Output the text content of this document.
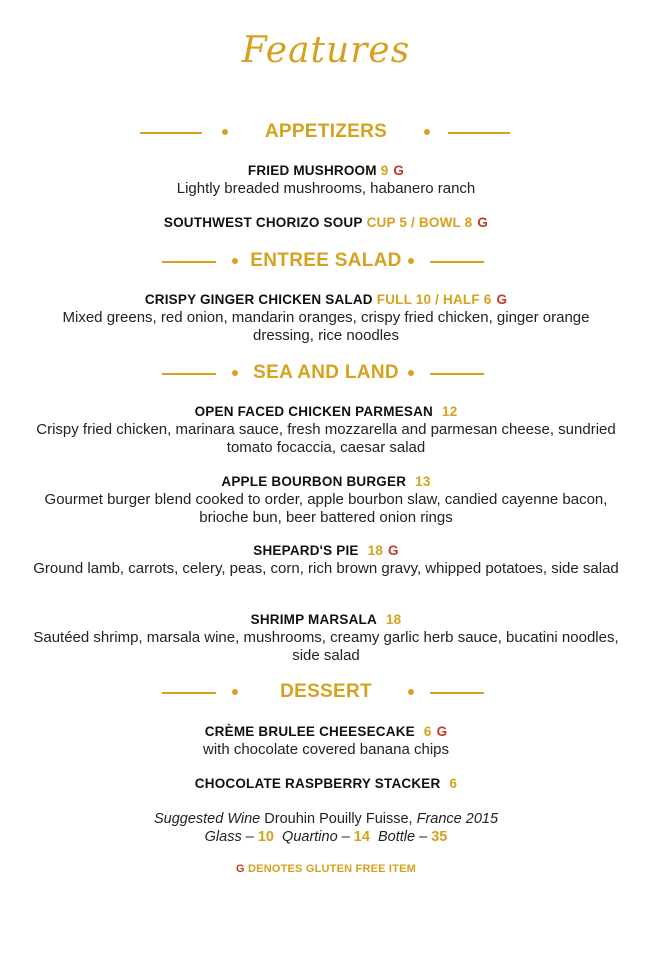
Features
APPETIZERS
FRIED MUSHROOM 9 G
Lightly breaded mushrooms, habanero ranch
SOUTHWEST CHORIZO SOUP CUP 5 / BOWL 8 G
ENTREE SALAD
CRISPY GINGER CHICKEN SALAD FULL 10 / HALF 6 G
Mixed greens, red onion, mandarin oranges, crispy fried chicken, ginger orange dressing, rice noodles
SEA AND LAND
OPEN FACED CHICKEN PARMESAN 12
Crispy fried chicken, marinara sauce, fresh mozzarella and parmesan cheese, sundried tomato focaccia, caesar salad
APPLE BOURBON BURGER 13
Gourmet burger blend cooked to order, apple bourbon slaw, candied cayenne bacon, brioche bun, beer battered onion rings
SHEPARD'S PIE 18 G
Ground lamb, carrots, celery, peas, corn, rich brown gravy, whipped potatoes, side salad
SHRIMP MARSALA 18
Sautéed shrimp, marsala wine, mushrooms, creamy garlic herb sauce, bucatini noodles, side salad
DESSERT
CRÈME BRULEE CHEESECAKE 6 G
with chocolate covered banana chips
CHOCOLATE RASPBERRY STACKER 6
Suggested Wine Drouhin Pouilly Fuisse, France 2015
Glass – 10 Quartino – 14 Bottle – 35
G DENOTES GLUTEN FREE ITEM
